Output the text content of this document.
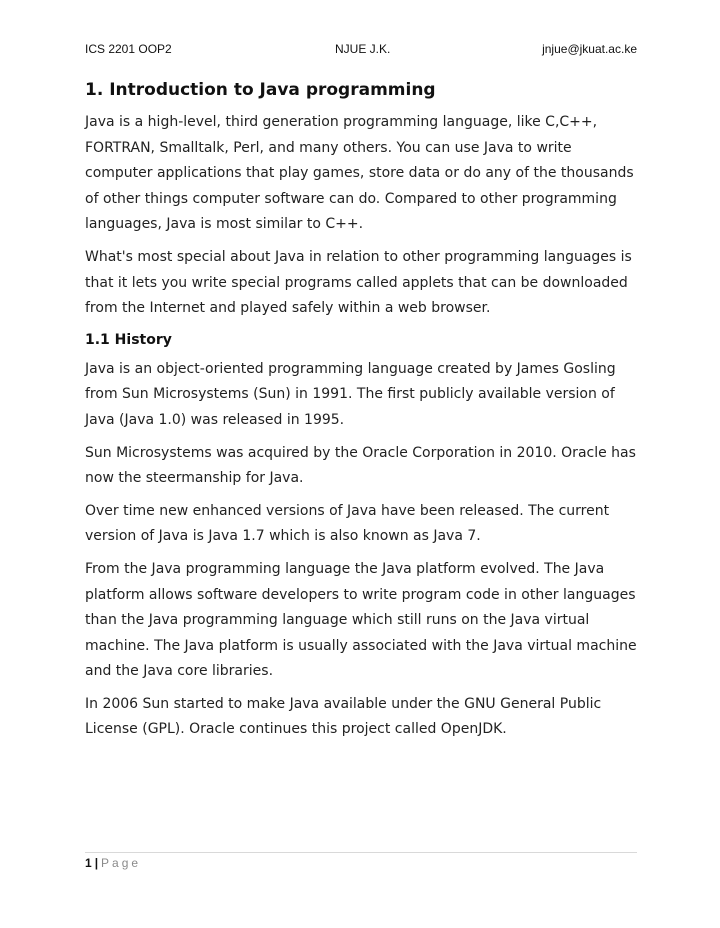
ICS 2201 OOP2	NJUE J.K.	jnjue@jkuat.ac.ke
1. Introduction to Java programming

Java is a high-level, third generation programming language, like C,C++, FORTRAN, Smalltalk, Perl, and many others. You can use Java to write computer applications that play games, store data or do any of the thousands of other things computer software can do. Compared to other programming languages, Java is most similar to C++.

What's most special about Java in relation to other programming languages is that it lets you write special programs called applets that can be downloaded from the Internet and played safely within a web browser.

1.1 History

Java is an object-oriented programming language created by James Gosling from Sun Microsystems (Sun) in 1991. The first publicly available version of Java (Java 1.0) was released in 1995.

Sun Microsystems was acquired by the Oracle Corporation in 2010. Oracle has now the steermanship for Java.

Over time new enhanced versions of Java have been released. The current version of Java is Java 1.7 which is also known as Java 7.

From the Java programming language the Java platform evolved. The Java platform allows software developers to write program code in other languages than the Java programming language which still runs on the Java virtual machine. The Java platform is usually associated with the Java virtual machine and the Java core libraries.

In 2006 Sun started to make Java available under the GNU General Public License (GPL). Oracle continues this project called OpenJDK.

1 | Page
